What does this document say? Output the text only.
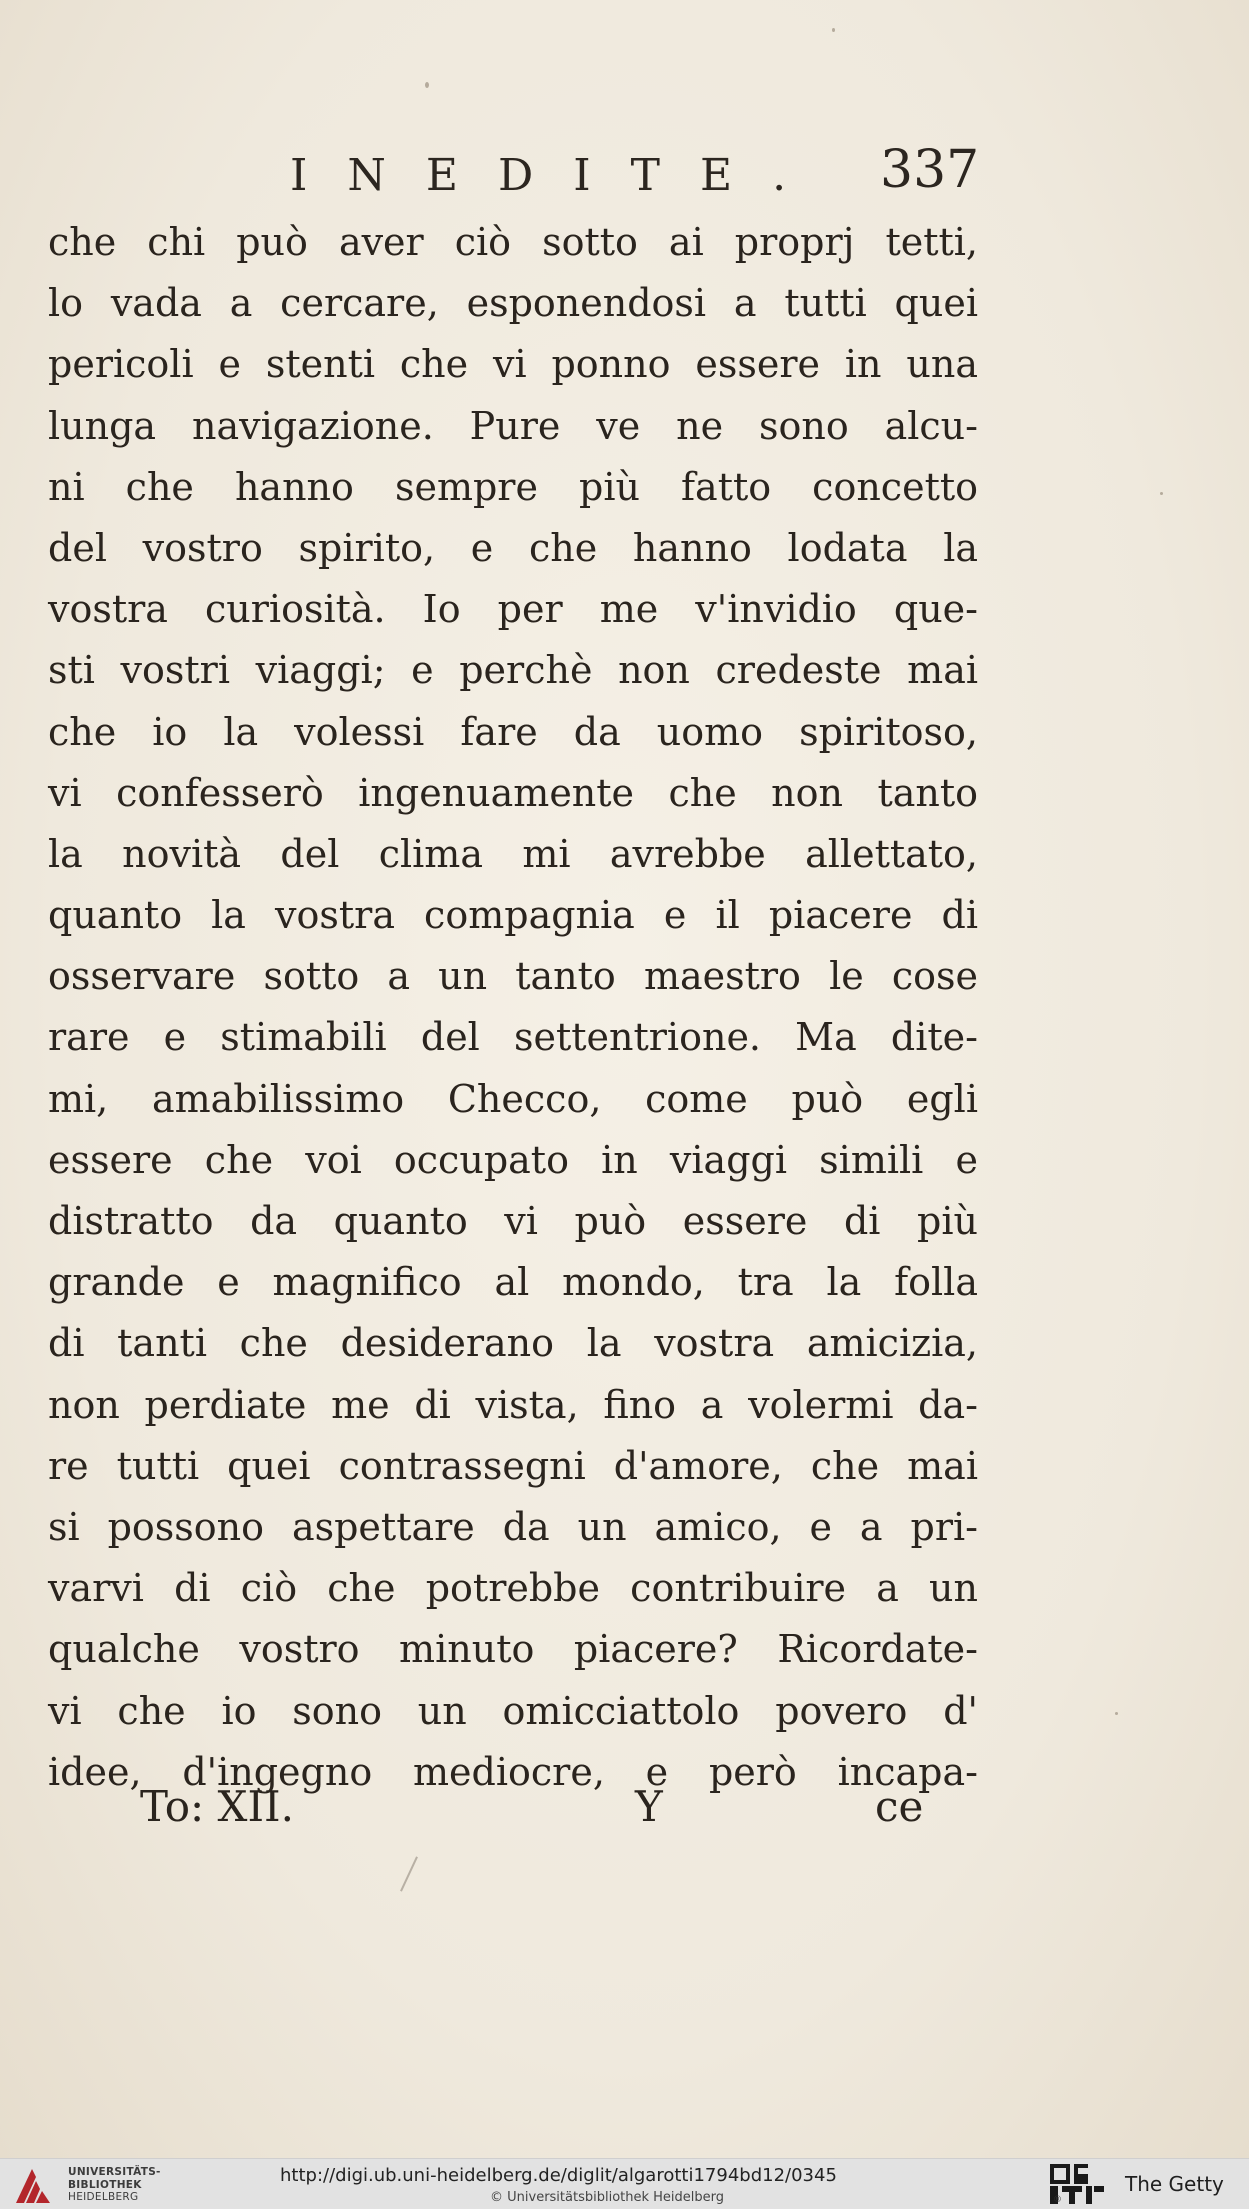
INEDITE. 337
che chi può aver ciò sotto ai proprj tetti,
lo vada a cercare, esponendosi a tutti quei
pericoli e stenti che vi ponno essere in una
lunga navigazione. Pure ve ne sono alcu-
ni che hanno sempre più fatto concetto
del vostro spirito, e che hanno lodata la
vostra curiosità. Io per me v'invidio que-
sti vostri viaggi; e perchè non credeste mai
che io la volessi fare da uomo spiritoso,
vi confesserò ingenuamente che non tanto
la novità del clima mi avrebbe allettato,
quanto la vostra compagnia e il piacere di
osservare sotto a un tanto maestro le cose
rare e stimabili del settentrione. Ma dite-
mi, amabilissimo Checco, come può egli
essere che voi occupato in viaggi simili e
distratto da quanto vi può essere di più
grande e magnifico al mondo, tra la folla
di tanti che desiderano la vostra amicizia,
non perdiate me di vista, fino a volermi da-
re tutti quei contrassegni d'amore, che mai
si possono aspettare da un amico, e a pri-
varvi di ciò che potrebbe contribuire a un
qualche vostro minuto piacere? Ricordate-
vi che io sono un omicciattolo povero d'
idee, d'ingegno mediocre, e però incapa-
To: XII.	Y	ce
UNIVERSITÄTS-
BIBLIOTHEK
HEIDELBERG
http://digi.ub.uni-heidelberg.de/diglit/algarotti1794bd12/0345
© Universitätsbibliothek Heidelberg	®
The Getty
